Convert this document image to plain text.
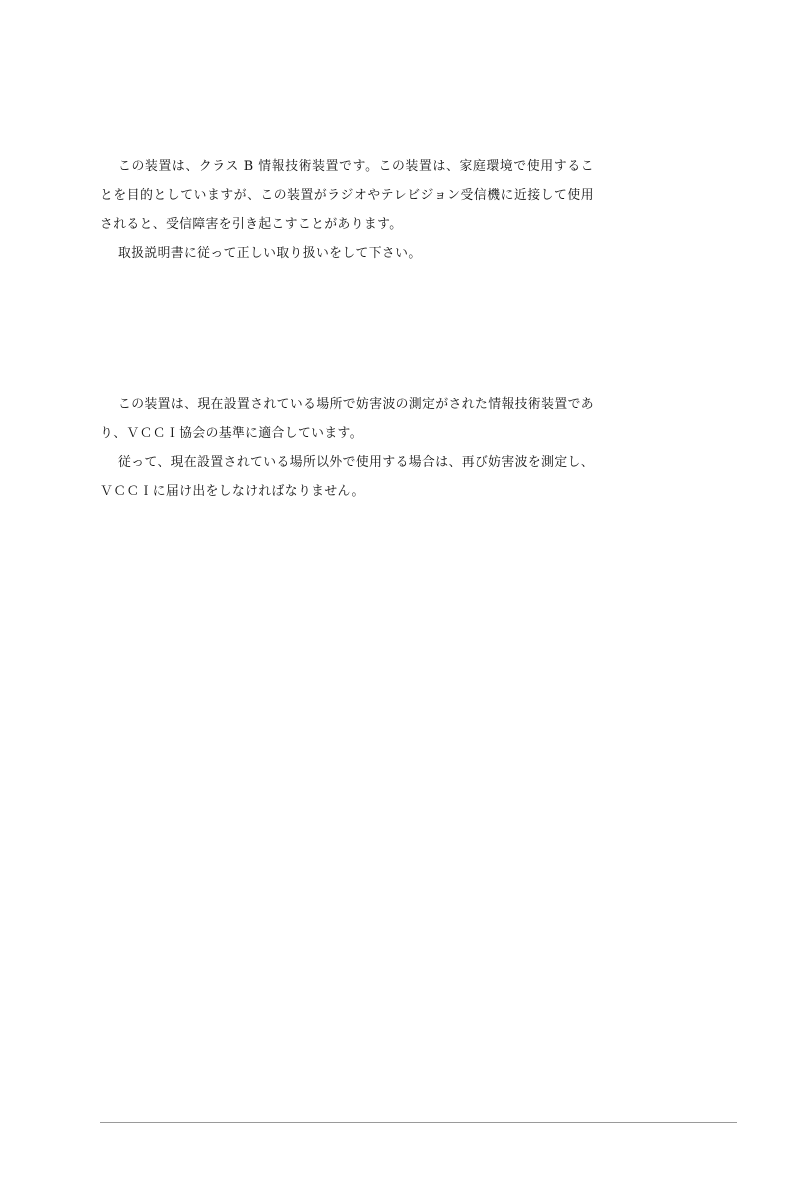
この装置は、クラス B 情報技術装置です。この装置は、家庭環境で使用することを目的としていますが、この装置がラジオやテレビジョン受信機に近接して使用されると、受信障害を引き起こすことがあります。

取扱説明書に従って正しい取り扱いをして下さい。

この装置は、現在設置されている場所で妨害波の測定がされた情報技術装置であり、ＶＣＣＩ協会の基準に適合しています。

従って、現在設置されている場所以外で使用する場合は、再び妨害波を測定し、ＶＣＣＩに届け出をしなければなりません。
